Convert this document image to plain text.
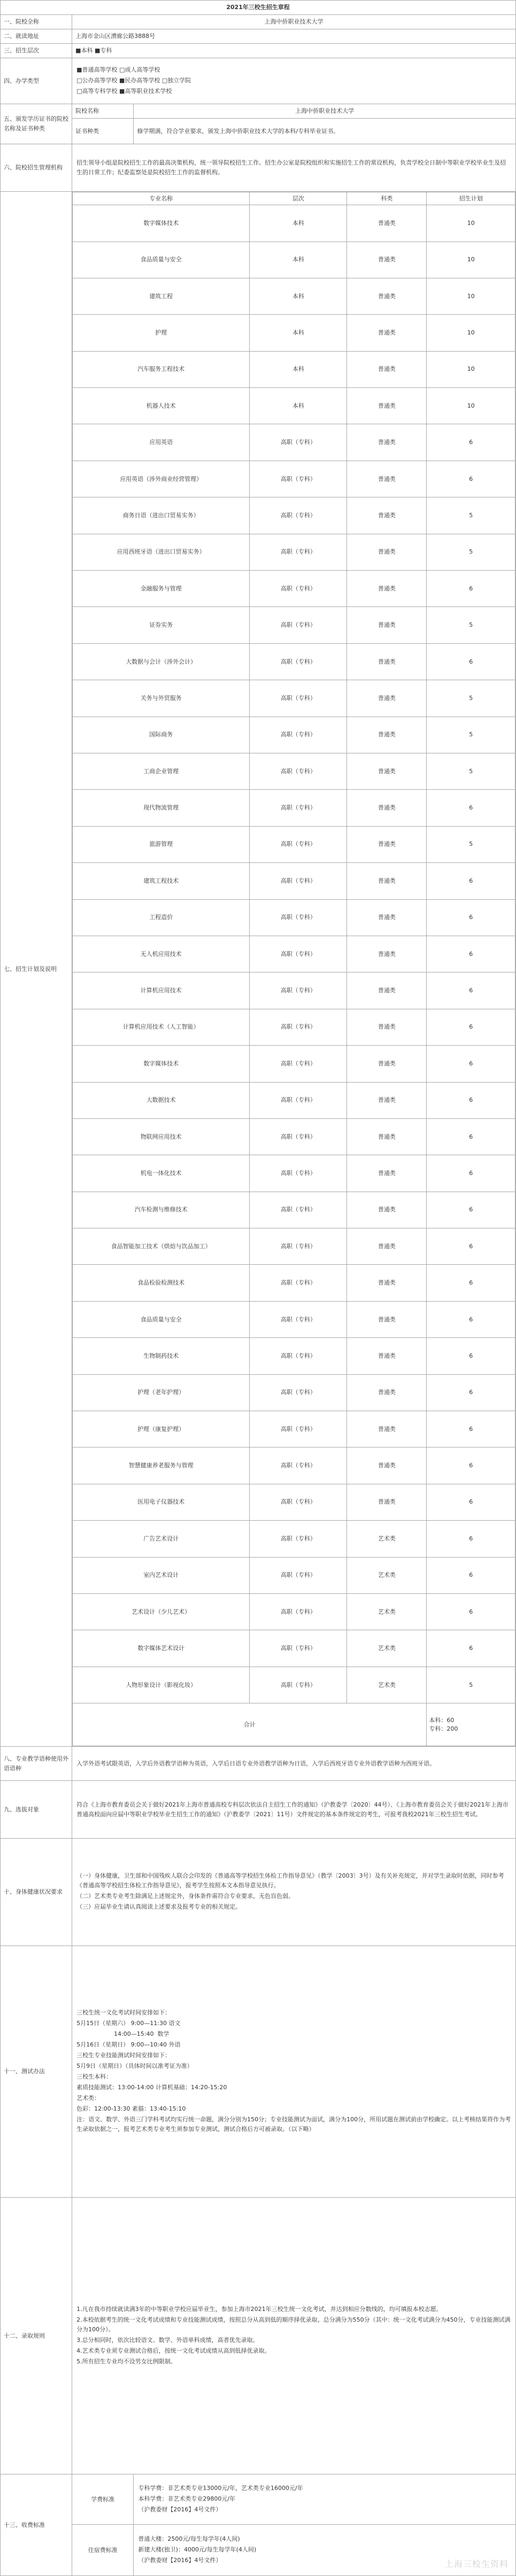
2021年三校生招生章程
一、院校全称	上海中侨职业技术大学
二、就读地址	上海市金山区漕廊公路3888号
三、招生层次	■本科 ■专科
四、办学类型	
■普通高等学校 □成人高等学校
□公办高等学校 ■民办高等学校 □独立学院
□高等专科学校 ■高等职业技术学校

五、颁发学历证书的院校名称及证书种类	院校名称	上海中侨职业技术大学
证书种类	修学期满，符合学业要求，颁发上海中侨职业技术大学的本科/专科毕业证书。
六、院校招生管理机构	招生领导小组是院校招生工作的最高决策机构，统一领导院校招生工作。招生办公室是院校组织和实施招生工作的常设机构，负责学校全日制中等职业学校毕业生及招生的日常工作；纪委监察处是院校招生工作的监督机构。
七、招生计划及说明	
专业名称	层次	科类	招生计划
数字媒体技术	本科	普通类	10
食品质量与安全	本科	普通类	10
建筑工程	本科	普通类	10
护理	本科	普通类	10
汽车服务工程技术	本科	普通类	10
机器人技术	本科	普通类	10
应用英语	高职（专科）	普通类	6
应用英语（涉外商业经营管理）	高职（专科）	普通类	6
商务日语（进出口贸易实务）	高职（专科）	普通类	5
应用西班牙语（进出口贸易实务）	高职（专科）	普通类	5
金融服务与管理	高职（专科）	普通类	6
证券实务	高职（专科）	普通类	5
大数据与会计（涉外会计）	高职（专科）	普通类	6
关务与外贸服务	高职（专科）	普通类	5
国际商务	高职（专科）	普通类	5
工商企业管理	高职（专科）	普通类	5
现代物流管理	高职（专科）	普通类	6
旅游管理	高职（专科）	普通类	5
建筑工程技术	高职（专科）	普通类	6
工程造价	高职（专科）	普通类	6
无人机应用技术	高职（专科）	普通类	6
计算机应用技术	高职（专科）	普通类	6
计算机应用技术（人工智能）	高职（专科）	普通类	6
数字媒体技术	高职（专科）	普通类	6
大数据技术	高职（专科）	普通类	6
物联网应用技术	高职（专科）	普通类	6
机电一体化技术	高职（专科）	普通类	6
汽车检测与维修技术	高职（专科）	普通类	6
食品智能加工技术（烘焙与饮品加工）	高职（专科）	普通类	6
食品检验检测技术	高职（专科）	普通类	6
食品质量与安全	高职（专科）	普通类	6
生物制药技术	高职（专科）	普通类	6
护理（老年护理）	高职（专科）	普通类	6
护理（康复护理）	高职（专科）	普通类	6
智慧健康养老服务与管理	高职（专科）	普通类	6
医用电子仪器技术	高职（专科）	普通类	6
广告艺术设计	高职（专科）	艺术类	6
室内艺术设计	高职（专科）	艺术类	6
艺术设计（少儿艺术）	高职（专科）	艺术类	6
数字媒体艺术设计	高职（专科）	艺术类	6
人物形象设计（影视化妆）	高职（专科）	艺术类	5
合计	
本科：60
专科：200

八、专业教学语种使用外语语种	入学外语考试限英语，入学后外语教学语种为英语，入学后日语专业外语教学语种为日语，入学后西班牙语专业外语教学语种为西班牙语。
九、选拔对象	符合《上海市教育委员会关于做好2021年上海市普通高校专科层次依法自主招生工作的通知》（沪教委学〔2020〕44号）、《上海市教育委员会关于做好2021年上海市普通高校面向应届中等职业学校毕业生招生工作的通知》（沪教委学〔2021〕11号）文件规定的基本条件规定的考生，可报考我校2021年三校生招生考试。
十、身体健康状况要求	
（一）身体健康，卫生部和中国残疾人联合会印发的《普通高等学校招生体检工作指导意见》（教学〔2003〕3号）及有关补充规定，并对学生录取时依据，同时参考《普通高等学校招生体检工作指导意见》，报考学生按照本文本指导意见执行。
（二）艺术类专业考生除满足上述规定外，身体条件需符合专业要求，无色盲色弱。
（三）应届毕业生请认真阅读上述要求及报考专业的相关规定。

十一、测试办法	
三校生统一文化考试时间安排如下：
5月15日（星期六） 9:00—11:30 语文
14:00—15:40  数学
5月16日（星期日） 9:00—10:40 外语
三校生专业技能测试时间安排如下：
5月9日（星期日）（具体时间以准考证为准）
三校生本科：
素质技能测试：13:00-14:00 计算机基础：14:20-15:20
艺术类：
色彩：12:00-13:30 素描：13:40-15:10
注：语文、数学、外语三门学科考试均实行统一命题，满分分别为150分；专业技能测试为面试，满分为100分，所用试题在测试前由学校确定。以上考核结果将作为考生录取依据之一，报考艺术类专业考生须参加专业测试，测试合格后方可被录取。（以下略）

十二、录取规则	
1.凡在我市持续就读满3年的中等职业学校应届毕业生，参加上海市2021年三校生统一文化考试，并达到相应分数线的，均可填报本校志愿。
2.本校依据考生的统一文化考试成绩和专业技能测试成绩，按照总分从高到低的顺序择优录取。总分满分为550分（其中：统一文化考试满分为450分，专业技能测试满分为100分）。
3.总分相同时，依次比较语文、数学、外语单科成绩，高者优先录取。
4.艺术类专业须专业测试合格后，按统一文化考试成绩从高到低择优录取。
5.所有招生专业均不设男女比例限制。

十三、收费标准	学费标准	
专科学费：非艺术类专业13000元/年，艺术类专业16000元/年
本科学费：非艺术类专业29800元/年
（沪教委财【2016】4号文件）

住宿费标准	
普通大楼：2500元/每生每学年(4人间)
新建大楼(独卫)：4000元/每生每学年(4人间)
（沪教委财【2016】4号文件）	上海三校生资料
